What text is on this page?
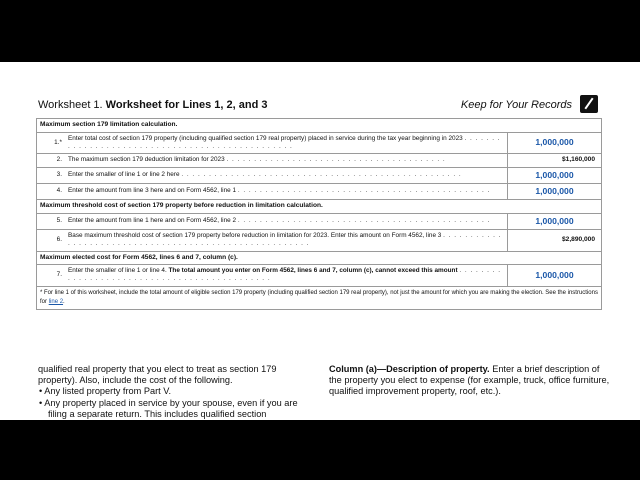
Worksheet 1. Worksheet for Lines 1, 2, and 3	Keep for Your Records
Maximum section 179 limitation calculation.		
1.*	Enter total cost of section 179 property (including qualified section 179 real property) placed in service during the tax year beginning in 2023 . . . . . . . . . . . . . . . . . . . . . . . . . . . . . . . . . . . . . . . . . . . . . . . .	1,000,000
2.	The maximum section 179 deduction limitation for 2023 . . . . . . . . . . . . . . . . . . . . . . . . . . . . . . . . . . . . . . . .	$1,160,000
3.	Enter the smaller of line 1 or line 2 here . . . . . . . . . . . . . . . . . . . . . . . . . . . . . . . . . . . . . . . . . . . . . . . . . . .	1,000,000
4.	Enter the amount from line 3 here and on Form 4562, line 1 . . . . . . . . . . . . . . . . . . . . . . . . . . . . . . . . . . . . . . . . . . . . . .	1,000,000
Maximum threshold cost of section 179 property before reduction in limitation calculation.		
5.	Enter the amount from line 1 here and on Form 4562, line 2 . . . . . . . . . . . . . . . . . . . . . . . . . . . . . . . . . . . . . . . . . . . . . .	1,000,000
6.	Base maximum threshold cost of section 179 property before reduction in limitation for 2023. Enter this amount on Form 4562, line 3 . . . . . . . . . . . . . . . . . . . . . . . . . . . . . . . . . . . . . . . . . . . . . . . . . . . . . . .	$2,890,000
Maximum elected cost for Form 4562, lines 6 and 7, column (c).		
7.	Enter the smaller of line 1 or line 4. The total amount you enter on Form 4562, lines 6 and 7, column (c), cannot exceed this amount . . . . . . . . . . . . . . . . . . . . . . . . . . . . . . . . . . . . . . . . . . . . .	1,000,000
* For line 1 of this worksheet, include the total amount of eligible section 179 property (including qualified section 179 real property), not just the amount for which you are making the election. See the instructions for line 2.		
qualified real property that you elect to treat as section 179 property). Also, include the cost of the following.
• Any listed property from Part V.
• Any property placed in service by your spouse, even if you are filing a separate return. This includes qualified section
Column (a)—Description of property. Enter a brief description of the property you elect to expense (for example, truck, office furniture, qualified improvement property, roof, etc.).
